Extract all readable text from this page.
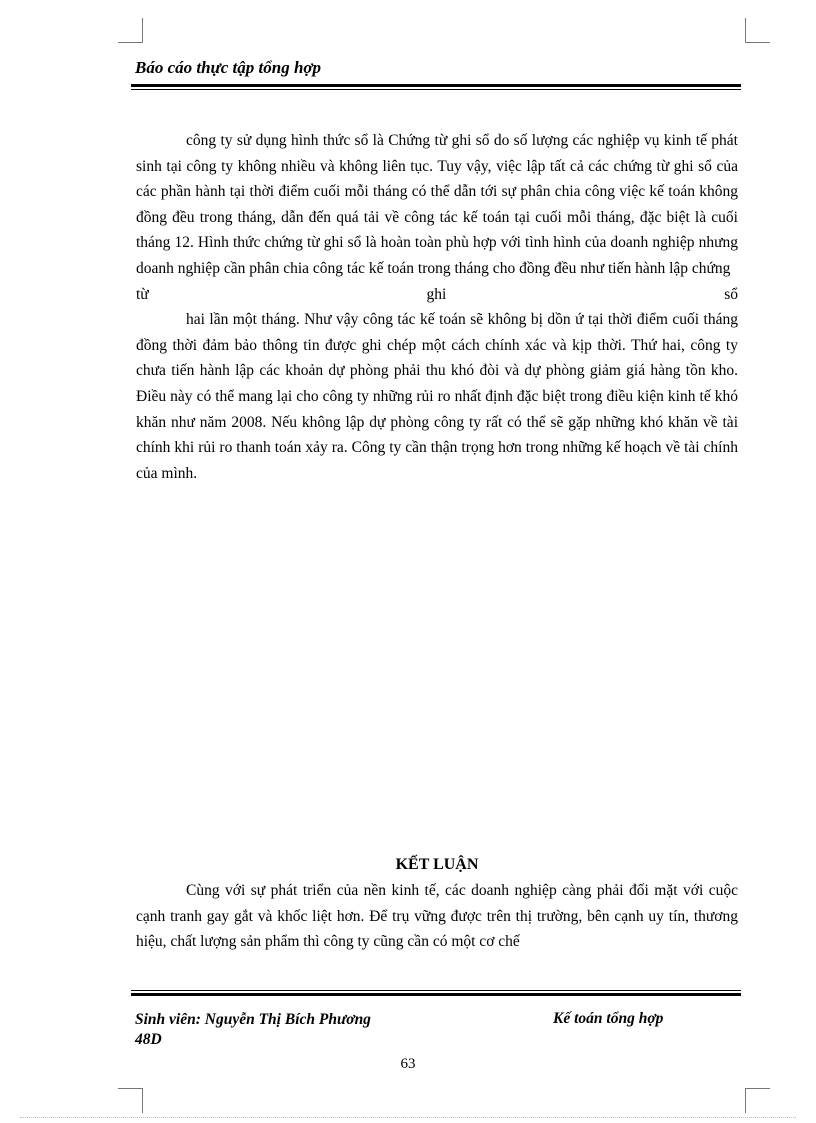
Báo cáo thực tập tổng hợp

công ty sử dụng hình thức sổ là Chứng từ ghi sổ do số lượng các nghiệp vụ kinh tế phát sinh tại công ty không nhiều và không liên tục. Tuy vậy, việc lập tất cả các chứng từ ghi sổ của các phần hành tại thời điểm cuối mỗi tháng có thể dẫn tới sự phân chia công việc kế toán không đồng đều trong tháng, dẫn đến quá tải về công tác kế toán tại cuối mỗi tháng, đặc biệt là cuối tháng 12. Hình thức chứng từ ghi sổ là hoàn toàn phù hợp với tình hình của doanh nghiệp nhưng doanh nghiệp cần phân chia công tác kế toán trong tháng cho đồng đều như tiến hành lập chứng

từ	ghi	sổ

hai lần một tháng. Như vậy công tác kế toán sẽ không bị dồn ứ tại thời điểm cuối tháng đồng thời đảm bảo thông tin được ghi chép một cách chính xác và kịp thời. Thứ hai, công ty chưa tiến hành lập các khoản dự phòng phải thu khó đòi và dự phòng giảm giá hàng tồn kho. Điều này có thể mang lại cho công ty những rủi ro nhất định đặc biệt trong điều kiện kinh tế khó khăn như năm 2008. Nếu không lập dự phòng công ty rất có thể sẽ gặp những khó khăn về tài chính khi rủi ro thanh toán xảy ra. Công ty cần thận trọng hơn trong những kế hoạch về tài chính của mình.

KẾT LUẬN

Cùng với sự phát triển của nền kinh tế, các doanh nghiệp càng phải đối mặt với cuộc cạnh tranh gay gắt và khốc liệt hơn. Để trụ vững được trên thị trường, bên cạnh uy tín, thương hiệu, chất lượng sản phẩm thì công ty cũng cần có một cơ chế

Sinh viên: Nguyễn Thị Bích Phương
48D
Kế toán tổng hợp
63
